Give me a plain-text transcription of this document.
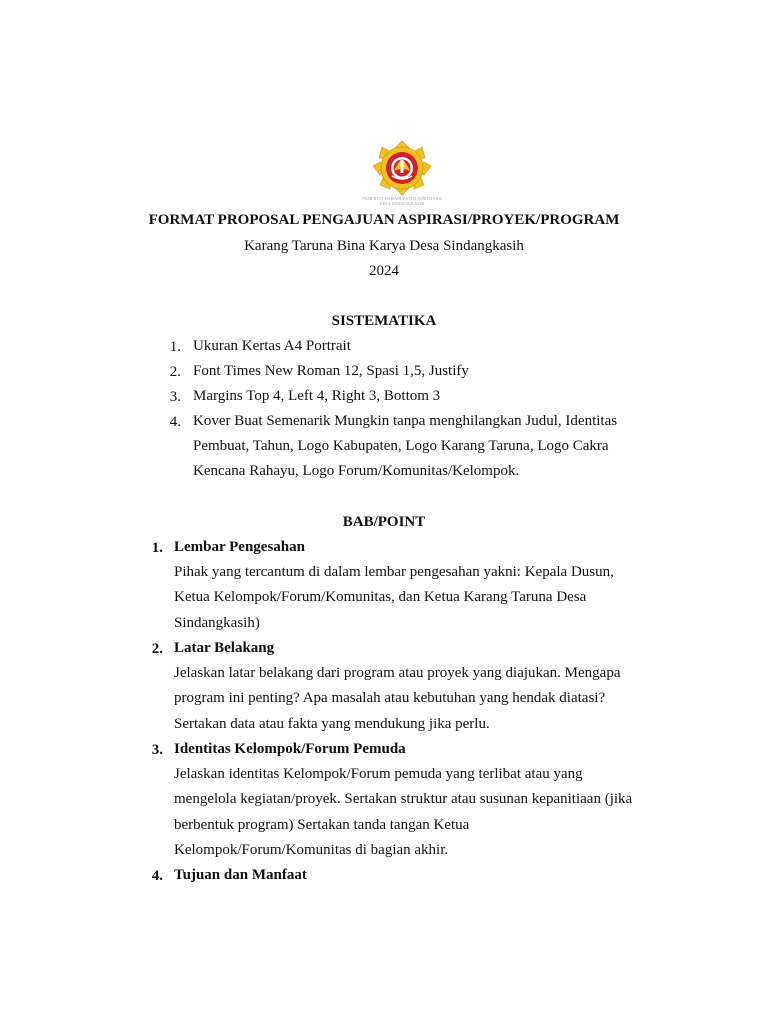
PEMERINTAH KABUPATEN SUMEDANG
DESA SINDANGKASIH
FORMAT PROPOSAL PENGAJUAN ASPIRASI/PROYEK/PROGRAM
Karang Taruna Bina Karya Desa Sindangkasih
2024
SISTEMATIKA
1. Ukuran Kertas A4 Portrait
2. Font Times New Roman 12, Spasi 1,5, Justify
3. Margins Top 4, Left 4, Right 3, Bottom 3
4. Kover Buat Semenarik Mungkin tanpa menghilangkan Judul, Identitas
Pembuat, Tahun, Logo Kabupaten, Logo Karang Taruna, Logo Cakra
Kencana Rahayu, Logo Forum/Komunitas/Kelompok.
BAB/POINT
1. Lembar Pengesahan
Pihak yang tercantum di dalam lembar pengesahan yakni: Kepala Dusun,
Ketua Kelompok/Forum/Komunitas, dan Ketua Karang Taruna Desa
Sindangkasih)
2. Latar Belakang
Jelaskan latar belakang dari program atau proyek yang diajukan. Mengapa
program ini penting? Apa masalah atau kebutuhan yang hendak diatasi?
Sertakan data atau fakta yang mendukung jika perlu.
3. Identitas Kelompok/Forum Pemuda
Jelaskan identitas Kelompok/Forum pemuda yang terlibat atau yang
mengelola kegiatan/proyek. Sertakan struktur atau susunan kepanitiaan (jika
berbentuk program) Sertakan tanda tangan Ketua
Kelompok/Forum/Komunitas di bagian akhir.
4. Tujuan dan Manfaat
